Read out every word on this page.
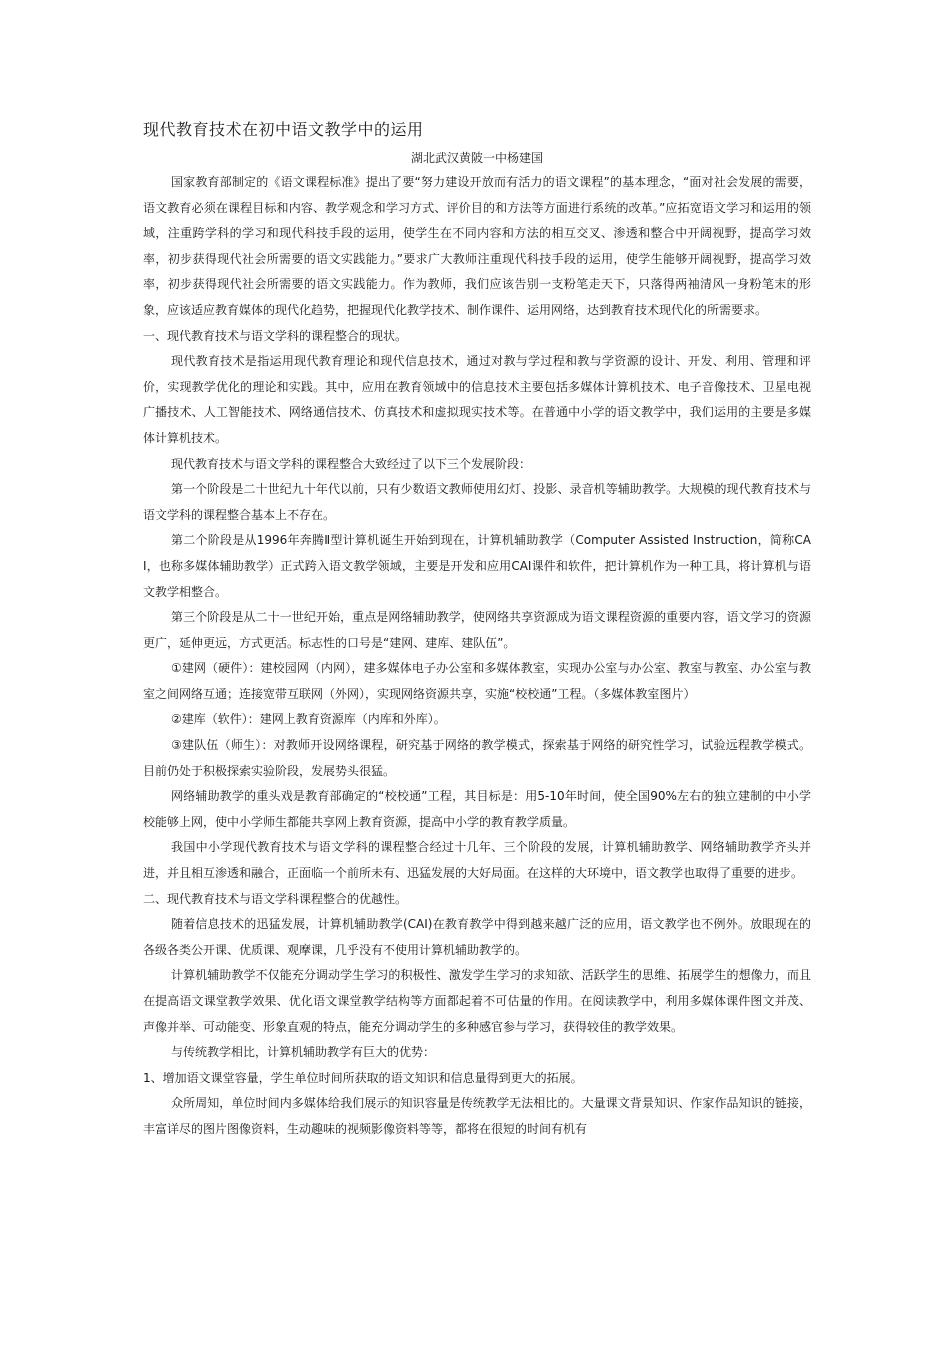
现代教育技术在初中语文教学中的运用

湖北武汉黄陂一中杨建国

国家教育部制定的《语文课程标准》提出了要“努力建设开放而有活力的语文课程”的基本理念，“面对社会发展的需要，语文教育必须在课程目标和内容、教学观念和学习方式、评价目的和方法等方面进行系统的改革。”应拓宽语文学习和运用的领域，注重跨学科的学习和现代科技手段的运用，使学生在不同内容和方法的相互交叉、渗透和整合中开阔视野，提高学习效率，初步获得现代社会所需要的语文实践能力。”要求广大教师注重现代科技手段的运用，使学生能够开阔视野，提高学习效率，初步获得现代社会所需要的语文实践能力。作为教师，我们应该告别一支粉笔走天下，只落得两袖清风一身粉笔末的形象，应该适应教育媒体的现代化趋势，把握现代化教学技术、制作课件、运用网络，达到教育技术现代化的所需要求。

一、现代教育技术与语文学科的课程整合的现状。

现代教育技术是指运用现代教育理论和现代信息技术，通过对教与学过程和教与学资源的设计、开发、利用、管理和评价，实现教学优化的理论和实践。其中，应用在教育领域中的信息技术主要包括多媒体计算机技术、电子音像技术、卫星电视广播技术、人工智能技术、网络通信技术、仿真技术和虚拟现实技术等。在普通中小学的语文教学中，我们运用的主要是多媒体计算机技术。

现代教育技术与语文学科的课程整合大致经过了以下三个发展阶段：

第一个阶段是二十世纪九十年代以前，只有少数语文教师使用幻灯、投影、录音机等辅助教学。大规模的现代教育技术与语文学科的课程整合基本上不存在。

第二个阶段是从1996年奔腾Ⅱ型计算机诞生开始到现在，计算机辅助教学（Computer Assisted Instruction，简称CAI，也称多媒体辅助教学）正式跨入语文教学领域，主要是开发和应用CAI课件和软件，把计算机作为一种工具，将计算机与语文教学相整合。

第三个阶段是从二十一世纪开始，重点是网络辅助教学，使网络共享资源成为语文课程资源的重要内容，语文学习的资源更广，延伸更远，方式更活。标志性的口号是“建网、建库、建队伍”。

①建网（硬件）：建校园网（内网），建多媒体电子办公室和多媒体教室，实现办公室与办公室、教室与教室、办公室与教室之间网络互通；连接宽带互联网（外网），实现网络资源共享，实施“校校通”工程。（多媒体教室图片）

②建库（软件）：建网上教育资源库（内库和外库）。

③建队伍（师生）：对教师开设网络课程，研究基于网络的教学模式，探索基于网络的研究性学习，试验远程教学模式。目前仍处于积极探索实验阶段，发展势头很猛。

网络辅助教学的重头戏是教育部确定的“校校通”工程，其目标是：用5-10年时间，使全国90%左右的独立建制的中小学校能够上网，使中小学师生都能共享网上教育资源，提高中小学的教育教学质量。

我国中小学现代教育技术与语文学科的课程整合经过十几年、三个阶段的发展，计算机辅助教学、网络辅助教学齐头并进，并且相互渗透和融合，正面临一个前所未有、迅猛发展的大好局面。在这样的大环境中，语文教学也取得了重要的进步。

二、现代教育技术与语文学科课程整合的优越性。

随着信息技术的迅猛发展，计算机辅助教学(CAI)在教育教学中得到越来越广泛的应用，语文教学也不例外。放眼现在的各级各类公开课、优质课、观摩课，几乎没有不使用计算机辅助教学的。

计算机辅助教学不仅能充分调动学生学习的积极性、激发学生学习的求知欲、活跃学生的思维、拓展学生的想像力，而且在提高语文课堂教学效果、优化语文课堂教学结构等方面都起着不可估量的作用。在阅读教学中，利用多媒体课件图文并茂、声像并举、可动能变、形象直观的特点，能充分调动学生的多种感官参与学习，获得较佳的教学效果。

与传统教学相比，计算机辅助教学有巨大的优势：

1、增加语文课堂容量，学生单位时间所获取的语文知识和信息量得到更大的拓展。

众所周知，单位时间内多媒体给我们展示的知识容量是传统教学无法相比的。大量课文背景知识、作家作品知识的链接，丰富详尽的图片图像资料，生动趣味的视频影像资料等等，都将在很短的时间有机有
